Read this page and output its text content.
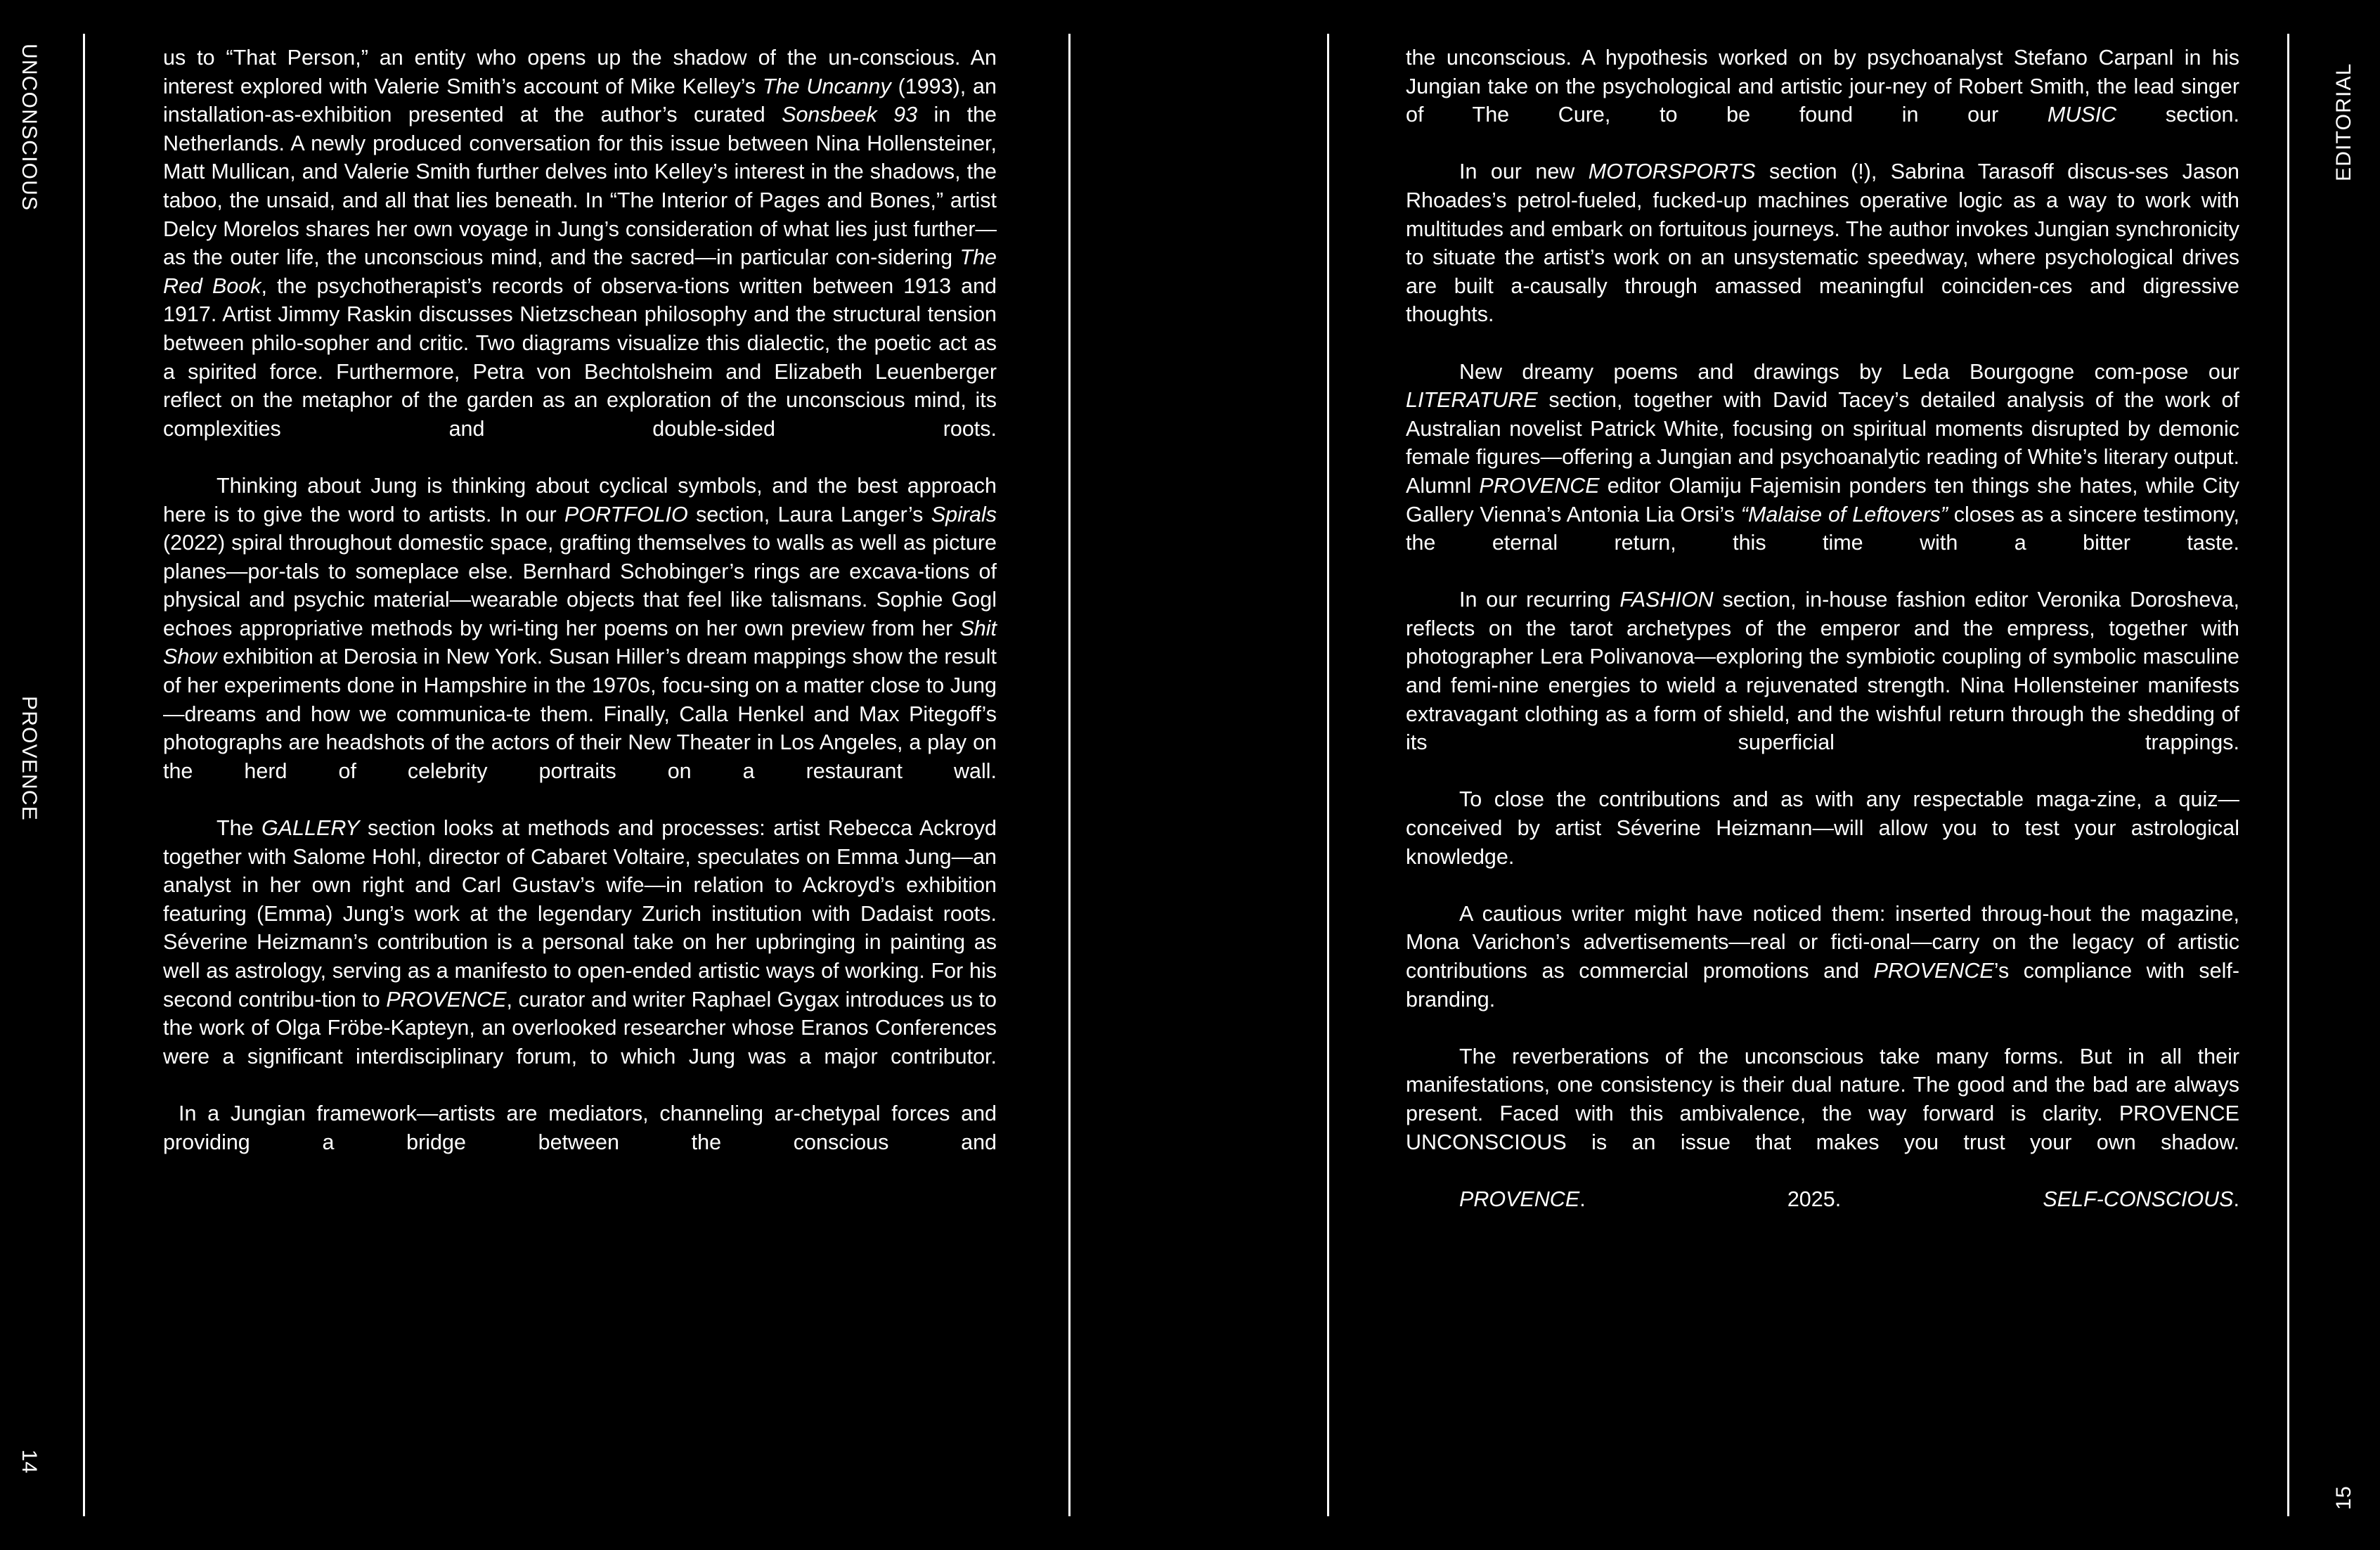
UNCONSCIOUS
PROVENCE
14

us to “That Person,” an entity who opens up the shadow of the un-conscious. An interest explored with Valerie Smith’s account of Mike Kelley’s The Uncanny (1993), an installation-as-exhibition presented at the author’s curated Sonsbeek 93 in the Netherlands. A newly produced conversation for this issue between Nina Hollensteiner, Matt Mullican, and Valerie Smith further delves into Kelley’s interest in the shadows, the taboo, the unsaid, and all that lies beneath. In “The Interior of Pages and Bones,” artist Delcy Morelos shares her own voyage in Jung’s consideration of what lies just further—as the outer life, the unconscious mind, and the sacred—in particular con-sidering The Red Book, the psychotherapist’s records of observa-tions written between 1913 and 1917. Artist Jimmy Raskin discusses Nietzschean philosophy and the structural tension between philo-sopher and critic. Two diagrams visualize this dialectic, the poetic act as a spirited force. Furthermore, Petra von Bechtolsheim and Elizabeth Leuenberger reflect on the metaphor of the garden as an exploration of the unconscious mind, its complexities and double-sided roots.

Thinking about Jung is thinking about cyclical symbols, and the best approach here is to give the word to artists. In our PORTFOLIO section, Laura Langer’s Spirals (2022) spiral throughout domestic space, grafting themselves to walls as well as picture planes—por-tals to someplace else. Bernhard Schobinger’s rings are excava-tions of physical and psychic material—wearable objects that feel like talismans. Sophie Gogl echoes appropriative methods by wri-ting her poems on her own preview from her Shit Show exhibition at Derosia in New York. Susan Hiller’s dream mappings show the result of her experiments done in Hampshire in the 1970s, focu-sing on a matter close to Jung—dreams and how we communica-te them. Finally, Calla Henkel and Max Pitegoff’s photographs are headshots of the actors of their New Theater in Los Angeles, a play on the herd of celebrity portraits on a restaurant wall.

The GALLERY section looks at methods and processes: artist Rebecca Ackroyd together with Salome Hohl, director of Cabaret Voltaire, speculates on Emma Jung—an analyst in her own right and Carl Gustav’s wife—in relation to Ackroyd’s exhibition featuring (Emma) Jung’s work at the legendary Zurich institution with Dadaist roots. Séverine Heizmann’s contribution is a personal take on her upbringing in painting as well as astrology, serving as a manifesto to open-ended artistic ways of working. For his second contribu-tion to PROVENCE, curator and writer Raphael Gygax introduces us to the work of Olga Fröbe-Kapteyn, an overlooked researcher whose Eranos Conferences were a significant interdisciplinary forum, to which Jung was a major contributor.

In a Jungian framework—artists are mediators, channeling ar-chetypal forces and providing a bridge between the conscious and

EDITORIAL
15

the unconscious. A hypothesis worked on by psychoanalyst Stefano Carpanl in his Jungian take on the psychological and artistic jour-ney of Robert Smith, the lead singer of The Cure, to be found in our MUSIC section.

In our new MOTORSPORTS section (!), Sabrina Tarasoff discus-ses Jason Rhoades’s petrol-fueled, fucked-up machines operative logic as a way to work with multitudes and embark on fortuitous journeys. The author invokes Jungian synchronicity to situate the artist’s work on an unsystematic speedway, where psychological drives are built a-causally through amassed meaningful coinciden-ces and digressive thoughts.

New dreamy poems and drawings by Leda Bourgogne com-pose our LITERATURE section, together with David Tacey’s detailed analysis of the work of Australian novelist Patrick White, focusing on spiritual moments disrupted by demonic female figures—offering a Jungian and psychoanalytic reading of White’s literary output. Alumnl PROVENCE editor Olamiju Fajemisin ponders ten things she hates, while City Gallery Vienna’s Antonia Lia Orsi’s “Malaise of Leftovers” closes as a sincere testimony, the eternal return, this time with a bitter taste.

In our recurring FASHION section, in-house fashion editor Veronika Dorosheva, reflects on the tarot archetypes of the emperor and the empress, together with photographer Lera Polivanova—exploring the symbiotic coupling of symbolic masculine and femi-nine energies to wield a rejuvenated strength. Nina Hollensteiner manifests extravagant clothing as a form of shield, and the wishful return through the shedding of its superficial trappings.

To close the contributions and as with any respectable maga-zine, a quiz—conceived by artist Séverine Heizmann—will allow you to test your astrological knowledge.

A cautious writer might have noticed them: inserted throug-hout the magazine, Mona Varichon’s advertisements—real or ficti-onal—carry on the legacy of artistic contributions as commercial promotions and PROVENCE’s compliance with self-branding.

The reverberations of the unconscious take many forms. But in all their manifestations, one consistency is their dual nature. The good and the bad are always present. Faced with this ambivalence, the way forward is clarity. PROVENCE UNCONSCIOUS is an issue that makes you trust your own shadow.

PROVENCE. 2025. SELF-CONSCIOUS.
